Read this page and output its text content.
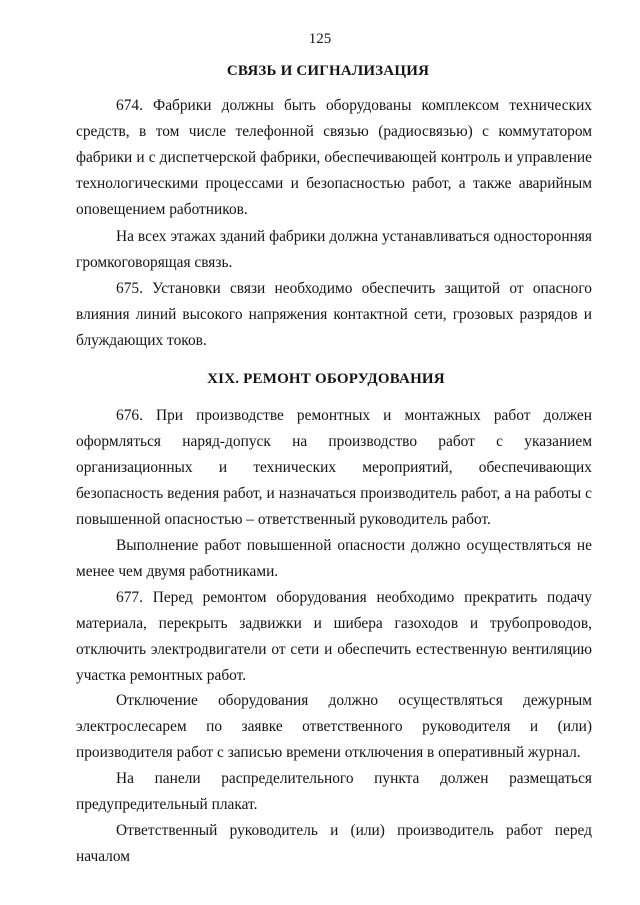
125
СВЯЗЬ И СИГНАЛИЗАЦИЯ

674. Фабрики должны быть оборудованы комплексом технических средств, в том числе телефонной связью (радиосвязью) с коммутатором фабрики и с диспетчерской фабрики, обеспечивающей контроль и управление технологическими процессами и безопасностью работ, а также аварийным оповещением работников.

На всех этажах зданий фабрики должна устанавливаться односторонняя громкоговорящая связь.

675. Установки связи необходимо обеспечить защитой от опасного влияния линий высокого напряжения контактной сети, грозовых разрядов и блуждающих токов.

XIX. РЕМОНТ ОБОРУДОВАНИЯ

676. При производстве ремонтных и монтажных работ должен оформляться наряд-допуск на производство работ с указанием организационных и технических мероприятий, обеспечивающих безопасность ведения работ, и назначаться производитель работ, а на работы с повышенной опасностью – ответственный руководитель работ.

Выполнение работ повышенной опасности должно осуществляться не менее чем двумя работниками.

677. Перед ремонтом оборудования необходимо прекратить подачу материала, перекрыть задвижки и шибера газоходов и трубопроводов, отключить электродвигатели от сети и обеспечить естественную вентиляцию участка ремонтных работ.

Отключение оборудования должно осуществляться дежурным электрослесарем по заявке ответственного руководителя и (или) производителя работ с записью времени отключения в оперативный журнал.

На панели распределительного пункта должен размещаться предупредительный плакат.

Ответственный руководитель и (или) производитель работ перед началом
